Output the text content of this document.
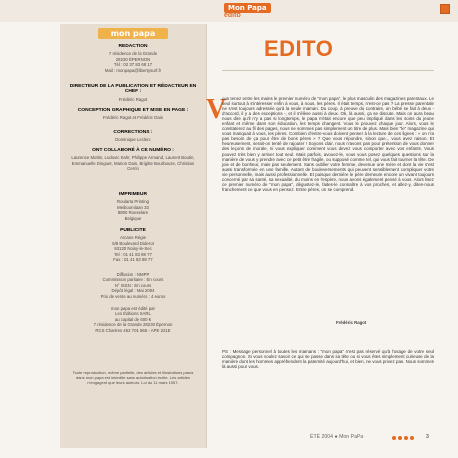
Mon Papa
edito
mon papa
REDACTION
7 résidence de la Grande
28230 ÉPERNON
Tél : 02 37 83 68 17
Mail : monpapa@libertysurf.fr
DIRECTEUR DE LA PUBLICATION ET RÉDACTEUR EN CHEF :
Frédéric Ragot
CONCEPTION GRAPHIQUE ET MISE EN PAGE :
Frédéric Ragot et Frédéric Dain
CORRECTIONS :
Dominique Leclerc
ONT COLLABORÉ À CE NUMÉRO :
Laurence Mottin, Ludovic Kahr, Philippe Armand, Laurent Boutin, Emmanuelle Dinguet, Marion Dain, Brigitte Bourbouze, Christian Cerrin
IMPRIMEUR
Roularta Printing
Meiboomlaan 33
8800 Roeselare
Belgique
PUBLICITE
Arcane Régie
5/8 Boulevard Diderot
93130 Noisy-le-Sec
Tel : 01 41 83 88 77
Fax : 01 41 83 88 77
Diffusion : NMPP
Commission paritaire : En cours
N° ISSN : En cours
Dépôt légal : Mai 2004
Prix de vente au numéro : 4 euros
mon papa est édité par
Les Éditions SARL
au capital de 600 €
7 résidence de la Grande 28230 Épernon
RCS Chartres 452 701 865 - APE 221E
Toute reproduction, même partielle, des articles et illustrations parus dans mon papa est interdite sans autorisation écrite. Les articles n'engagent que leurs auteurs. Loi du 11 mars 1957.
EDITO
V
ous tenez entre les mains le premier numéro de "mon papa", le plus masculin des magazines parentaux. Le seul surtout à s'intéresser enfin à vous, à nous, les pères. Il était temps, n'est-ce pas ? La presse parentale ne s'est toujours adressée qu'à la seule maman. Du coup, à preuve du contraire, un bébé se fait à deux - d'accord, il y a des exceptions -, et il s'élève aussi à deux. Ok, là aussi, ça se discute. Mais on aura beau nous dire qu'il n'y a pas si longtemps, le papa n'était encore que peu impliqué dans les soins du jeune enfant et même dans son éducation, les temps changent. Vous le prouvez chaque jour. Alors, vous le constaterez au fil des pages, nous ne sommes pas simplement un titre de plus. Mais bien "le" magazine qui vous manquait à vous, les pères. Combien d'entre-vous doivent penser à la lecture de ces lignes : « on n'a pas besoin de ça pour être de bons pères » ? Que vous répondre, sinon que... vous avez raison. Et heureusement, serait-on tenté de rajouter ! Soyons clair, nous n'avons pas pour prétention de vous donner des leçons de morale, ni vous expliquer comment vous devez vous comporter avec vos enfants. Vous pouvez très bien y arriver tout seul. Mais parfois, avouez-le, vous vous posez quelques questions sur la manière de vous y prendre avec ce petit être fragile, ou supposé comme tel, qui vous fait tourner la tête. De joie et de bonheur, mais pas seulement. Sans oublier votre femme, devenue une mère et dont la vie s'est aussi transformée en une famille. Autant de bouleversements qui peuvent sensiblement compliquer votre vie personnelle, mais aussi professionnelle. Et puisque dernière le père demeure encore un vivant toujours concerné par sa santé, sa sexualité, du moins en l'espère, nous avons également pensé à vous. Alors lisez ce premier numéro de "mon papa", dégustez-le, faites-le connaître à vos proches, et allez-y, dites-nous franchement ce que vous en pensez. Entre pères, on se comprend.
Frédéric Ragot
PS : Message personnel à toutes les mamans : "mon papa" n'est pas réservé qu'à l'usage de votre seul compagnon. Si vous voulez savoir ce qui se passe dans sa tête ou si vous êtes simplement curieuse de la manière dont les hommes appréhendent la paternité aujourd'hui, et bien, ne vous privez pas. Nous sommes là aussi pour vous.
ÉTÉ 2004 ● Mon PaPa	3
